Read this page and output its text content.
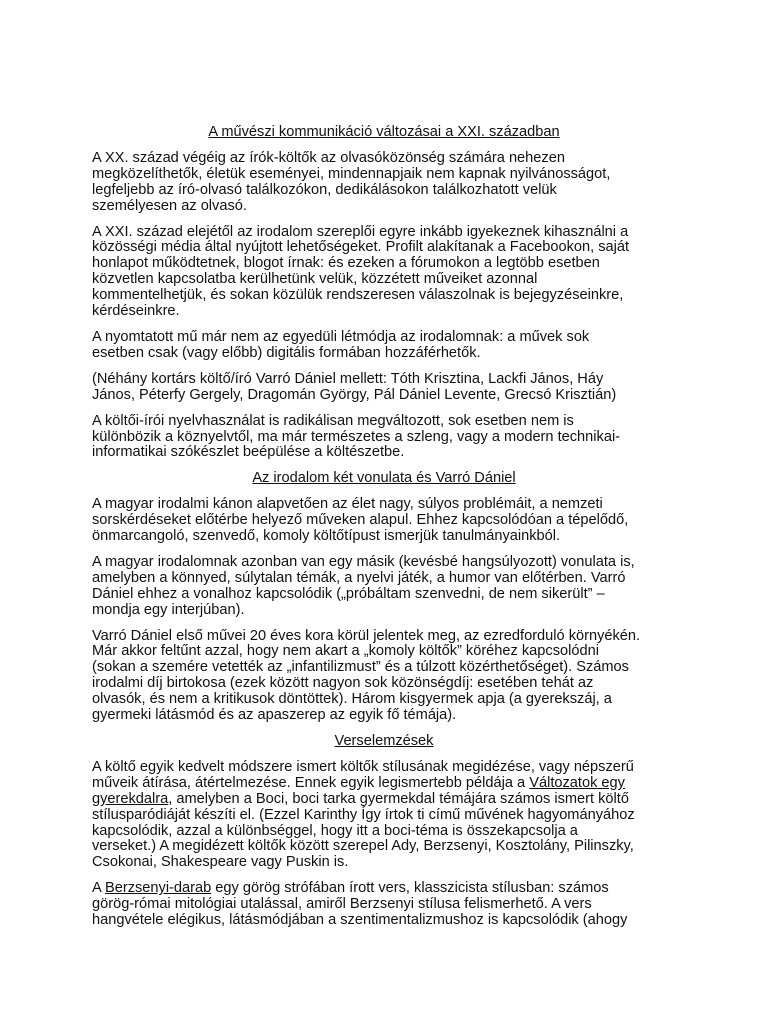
A művészi kommunikáció változásai a XXI. században
A XX. század végéig az írók-költők az olvasóközönség számára nehezen
megközelíthetők, életük eseményei, mindennapjaik nem kapnak nyilvánosságot,
legfeljebb az író-olvasó találkozókon, dedikálásokon találkozhatott velük
személyesen az olvasó.
A XXI. század elejétől az irodalom szereplői egyre inkább igyekeznek kihasználni a
közösségi média által nyújtott lehetőségeket. Profilt alakítanak a Facebookon, saját
honlapot működtetnek, blogot írnak: és ezeken a fórumokon a legtöbb esetben
közvetlen kapcsolatba kerülhetünk velük, közzétett műveiket azonnal
kommentelhetjük, és sokan közülük rendszeresen válaszolnak is bejegyzéseinkre,
kérdéseinkre.
A nyomtatott mű már nem az egyedüli létmódja az irodalomnak: a művek sok
esetben csak (vagy előbb) digitális formában hozzáférhetők.
(Néhány kortárs költő/író Varró Dániel mellett: Tóth Krisztina, Lackfi János, Háy
János, Péterfy Gergely, Dragomán György, Pál Dániel Levente, Grecsó Krisztián)
A költői-írói nyelvhasználat is radikálisan megváltozott, sok esetben nem is
különbözik a köznyelvtől, ma már természetes a szleng, vagy a modern technikai-
informatikai szókészlet beépülése a költészetbe.
Az irodalom két vonulata és Varró Dániel
A magyar irodalmi kánon alapvetően az élet nagy, súlyos problémáit, a nemzeti
sorskérdéseket előtérbe helyező műveken alapul. Ehhez kapcsolódóan a tépelődő,
önmarcangoló, szenvedő, komoly költőtípust ismerjük tanulmányainkból.
A magyar irodalomnak azonban van egy másik (kevésbé hangsúlyozott) vonulata is,
amelyben a könnyed, súlytalan témák, a nyelvi játék, a humor van előtérben. Varró
Dániel ehhez a vonalhoz kapcsolódik („próbáltam szenvedni, de nem sikerült” –
mondja egy interjúban).
Varró Dániel első művei 20 éves kora körül jelentek meg, az ezredforduló környékén.
Már akkor feltűnt azzal, hogy nem akart a „komoly költők” köréhez kapcsolódni
(sokan a szemére vetették az „infantilizmust” és a túlzott közérthetőséget). Számos
irodalmi díj birtokosa (ezek között nagyon sok közönségdíj: esetében tehát az
olvasók, és nem a kritikusok döntöttek). Három kisgyermek apja (a gyerekszáj, a
gyermeki látásmód és az apaszerep az egyik fő témája).
Verselemzések
A költő egyik kedvelt módszere ismert költők stílusának megidézése, vagy népszerű
műveik átírása, átértelmezése. Ennek egyik legismertebb példája a Változatok egy
gyerekdalra, amelyben a Boci, boci tarka gyermekdal témájára számos ismert költő
stílusparódiáját készíti el. (Ezzel Karinthy Így írtok ti című művének hagyományához
kapcsolódik, azzal a különbséggel, hogy itt a boci-téma is összekapcsolja a
verseket.) A megidézett költők között szerepel Ady, Berzsenyi, Kosztolány, Pilinszky,
Csokonai, Shakespeare vagy Puskin is.
A Berzsenyi-darab egy görög strófában írott vers, klasszicista stílusban: számos
görög-római mitológiai utalással, amiről Berzsenyi stílusa felismerhető. A vers
hangvétele elégikus, látásmódjában a szentimentalizmushoz is kapcsolódik (ahogy
